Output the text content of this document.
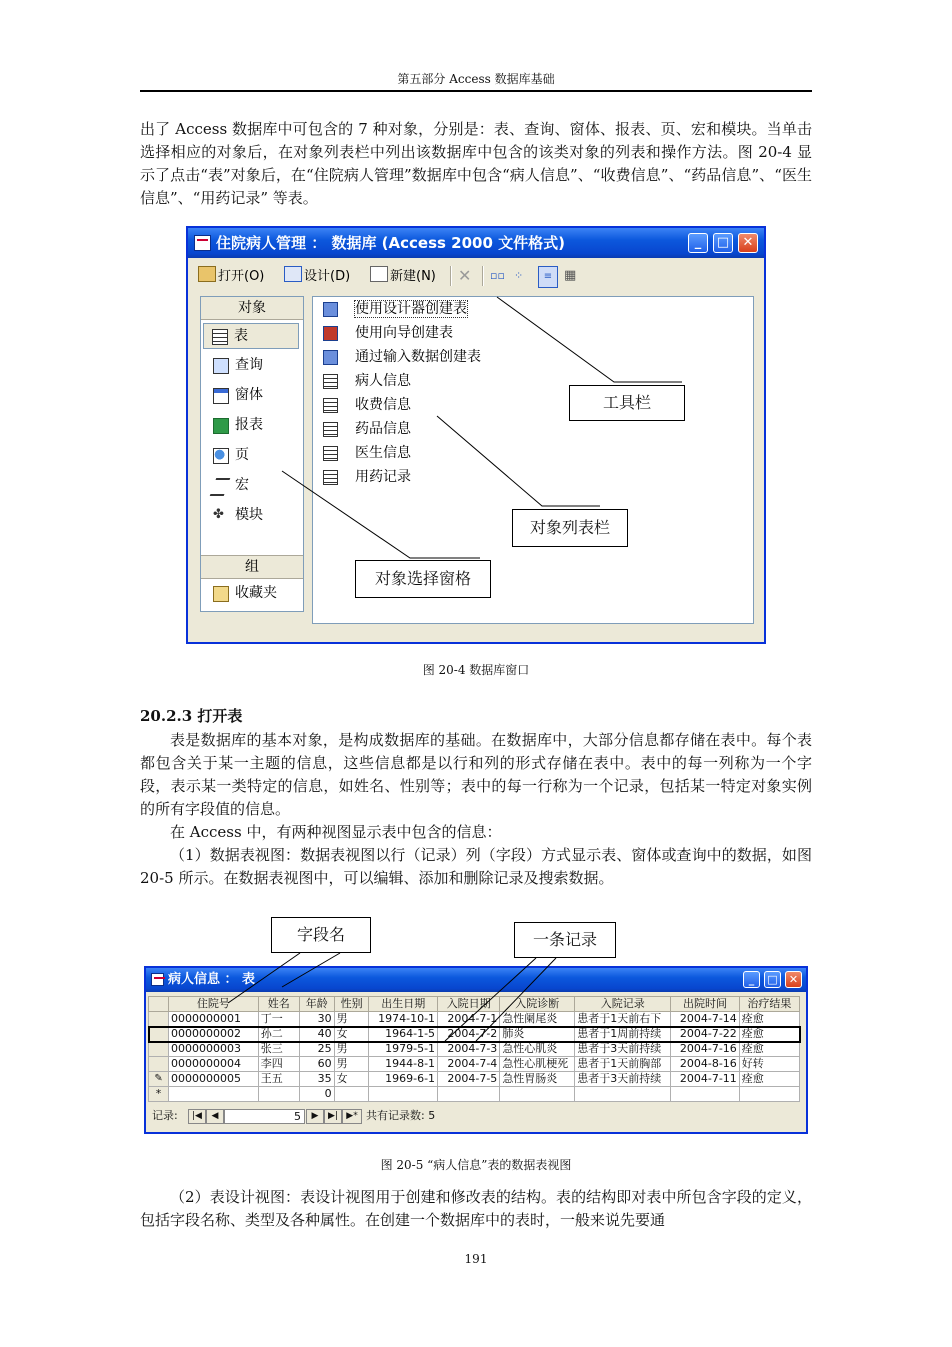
第五部分 Access 数据库基础

出了 Access 数据库中可包含的 7 种对象，分别是：表、查询、窗体、报表、页、宏和模块。当单击选择相应的对象后，在对象列表栏中列出该数据库中包含的该类对象的列表和操作方法。图 20-4 显示了点击“表”对象后，在“住院病人管理”数据库中包含“病人信息”、“收费信息”、“药品信息”、“医生信息”、“用药记录” 等表。

住院病人管理 ： 数据库 (Access 2000 文件格式)	_	□ ✕
打开(O)	设计(D)	新建(N) ✕ ▫▫ ⁘	≡ ▦
对象
表
查询
窗体
报表
页
宏
✤ 模块
组
收藏夹
使用设计器创建表
使用向导创建表
通过输入数据创建表
病人信息
收费信息
药品信息
医生信息
用药记录
工具栏
对象列表栏
对象选择窗格
图 20-4 数据库窗口
20.2.3 打开表

表是数据库的基本对象，是构成数据库的基础。在数据库中，大部分信息都存储在表中。每个表都包含关于某一主题的信息，这些信息都是以行和列的形式存储在表中。表中的每一列称为一个字段，表示某一类特定的信息，如姓名、性别等；表中的每一行称为一个记录，包括某一特定对象实例的所有字段值的信息。

在 Access 中，有两种视图显示表中包含的信息：

（1）数据表视图：数据表视图以行（记录）列（字段）方式显示表、窗体或查询中的数据，如图 20-5 所示。在数据表视图中，可以编辑、添加和删除记录及搜索数据。

字段名	一条记录
病人信息 ： 表	_	□ ✕
	住院号	姓名	年龄	性别	出生日期	入院日期	入院诊断	入院记录	出院时间	治疗结果
	0000000001	丁一	30	男	1974-10-1	2004-7-1	急性阑尾炎	患者于1天前右下	2004-7-14	痊愈
	0000000002	孙二	40	女	1964-1-5	2004-7-2	肺炎	患者于1周前持续	2004-7-22	痊愈
	0000000003	张三	25	男	1979-5-1	2004-7-3	急性心肌炎	患者于3天前持续	2004-7-16	痊愈
	0000000004	李四	60	男	1944-8-1	2004-7-4	急性心肌梗死	患者于1天前胸部	2004-8-16	好转
✎	0000000005	王五	35	女	1969-6-1	2004-7-5	急性胃肠炎	患者于3天前持续	2004-7-11	痊愈
*			0							
记录:	|◀	◀	5	▶	▶| ▶* 共有记录数: 5
图 20-5 “病人信息”表的数据表视图

（2）表设计视图：表设计视图用于创建和修改表的结构。表的结构即对表中所包含字段的定义，包括字段名称、类型及各种属性。在创建一个数据库中的表时，一般来说先要通

191
